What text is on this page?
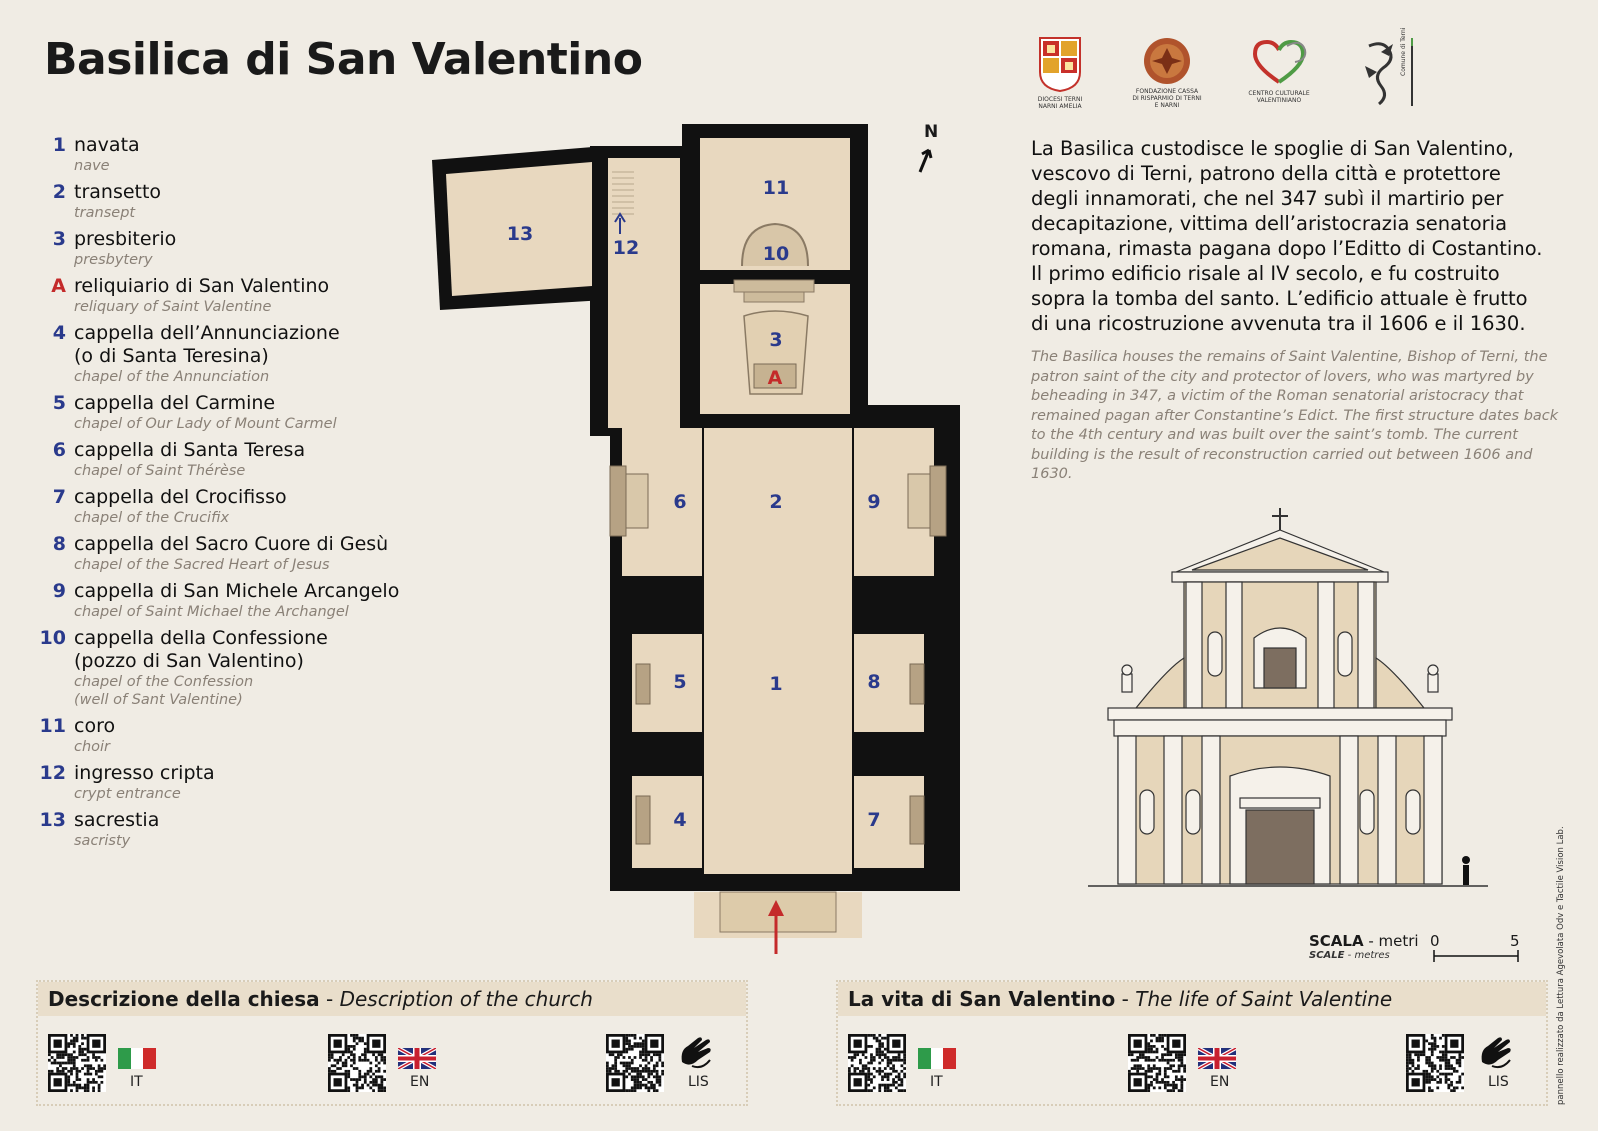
Basilica di San Valentino
1 navata
nave
2 transetto
transept
3 presbiterio
presbytery
A reliquiario di San Valentino
reliquary of Saint Valentine
4 cappella dell’Annunciazione
(o di Santa Teresina)
chapel of the Annunciation
5 cappella del Carmine
chapel of Our Lady of Mount Carmel
6 cappella di Santa Teresa
chapel of Saint Thérèse
7 cappella del Crocifisso
chapel of the Crucifix
8 cappella del Sacro Cuore di Gesù
chapel of the Sacred Heart of Jesus
9 cappella di San Michele Arcangelo
chapel of Saint Michael the Archangel
10 cappella della Confessione
(pozzo di San Valentino)
chapel of the Confession
(well of Sant Valentine)
11 coro
choir
12 ingresso cripta
crypt entrance
13 sacrestia
sacristy
DIOCESI TERNI NARNI AMELIA
FONDAZIONE CASSA DI RISPARMIO DI TERNI E NARNI
CENTRO CULTURALE VALENTINIANO
Comune di Terni
La Basilica custodisce le spoglie di San Valentino, vescovo di Terni, patrono della città e protettore degli innamorati, che nel 347 subì il martirio per decapitazione, vittima dell’aristocrazia senatoria romana, rimasta pagana dopo l’Editto di Costantino. Il primo edificio risale al IV secolo, e fu costruito sopra la tomba del santo. L’edificio attuale è frutto di una ricostruzione avvenuta tra il 1606 e il 1630.
The Basilica houses the remains of Saint Valentine, Bishop of Terni, the patron saint of the city and protector of lovers, who was martyred by beheading in 347, a victim of the Roman senatorial aristocracy that remained pagan after Constantine’s Edict. The first structure dates back to the 4th century and was built over the saint’s tomb. The current building is the result of reconstruction carried out between 1606 and 1630.
N
1
2
3
A
4
5
6
7
8
9
10
11
12
13
SCALA - metri
SCALE - metres
0	5
Descrizione della chiesa - Description of the church
IT	EN	LIS
La vita di San Valentino - The life of Saint Valentine
IT	EN	LIS	pannello realizzato da Lettura Agevolata Odv e Tactile Vision Lab.
